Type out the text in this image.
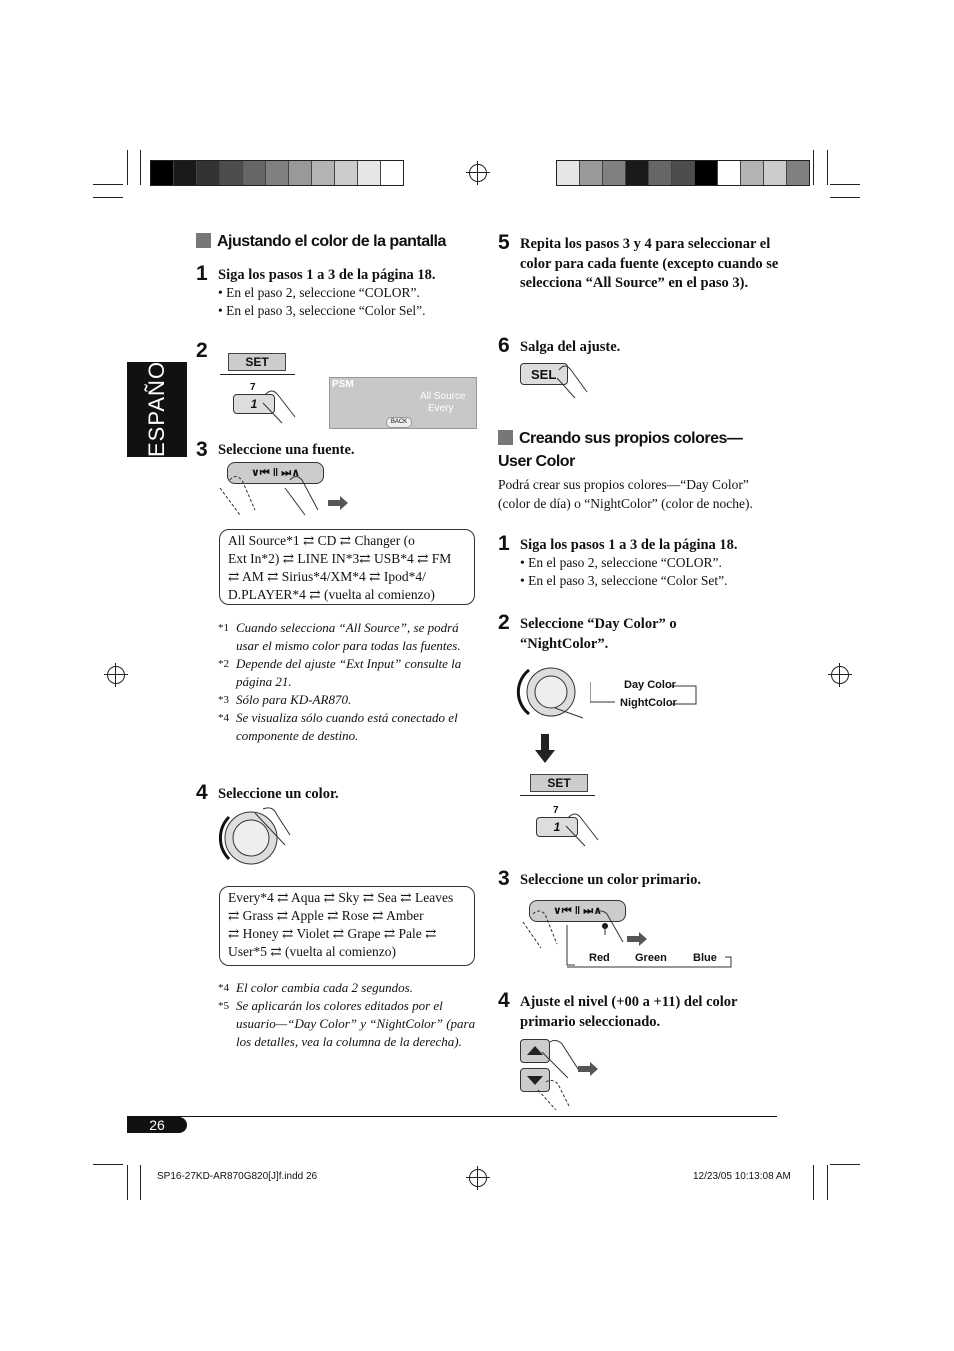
ESPAÑOL
Ajustando el color de la pantalla
1 Siga los pasos 1 a 3 de la página 18.
• En el paso 2, seleccione “COLOR”.
• En el paso 3, seleccione “Color Sel”.
2	SET
7
1
PSM
All Source
Every
BACK
3 Seleccione una fuente.
∨⏮ ‖ ⏭∧
All Source*1 ⇄ CD ⇄ Changer (o
Ext In*2) ⇄ LINE IN*3⇄ USB*4 ⇄ FM
⇄ AM ⇄ Sirius*4/XM*4 ⇄ Ipod*4/
D.PLAYER*4 ⇄ (vuelta al comienzo)
*1 Cuando selecciona “All Source”, se podrá usar el mismo color para todas las fuentes.
*2 Depende del ajuste “Ext Input” consulte la página 21.
*3 Sólo para KD-AR870.
*4 Se visualiza sólo cuando está conectado el componente de destino.
4 Seleccione un color.
Every*4 ⇄ Aqua ⇄ Sky ⇄ Sea ⇄ Leaves
⇄ Grass ⇄ Apple ⇄ Rose ⇄ Amber
⇄ Honey ⇄ Violet ⇄ Grape ⇄ Pale ⇄
User*5 ⇄ (vuelta al comienzo)
*4 El color cambia cada 2 segundos.
*5 Se aplicarán los colores editados por el usuario—“Day Color” y “NightColor” (para los detalles, vea la columna de la derecha).
5 Repita los pasos 3 y 4 para seleccionar el color para cada fuente (excepto cuando se selecciona “All Source” en el paso 3).
6 Salga del ajuste.
SEL
Creando sus propios colores—User Color
Podrá crear sus propios colores—“Day Color” (color de día) o “NightColor” (color de noche).
1 Siga los pasos 1 a 3 de la página 18.
• En el paso 2, seleccione “COLOR”.
• En el paso 3, seleccione “Color Set”.
2 Seleccione “Day Color” o “NightColor”.
Day Color
NightColor
SET
7
1
3 Seleccione un color primario.
∨⏮ ‖ ⏭∧
Red Green Blue
4 Ajuste el nivel (+00 a +11) del color primario seleccionado.
26
SP16-27KD-AR870G820[J]f.indd 26	12/23/05 10:13:08 AM
